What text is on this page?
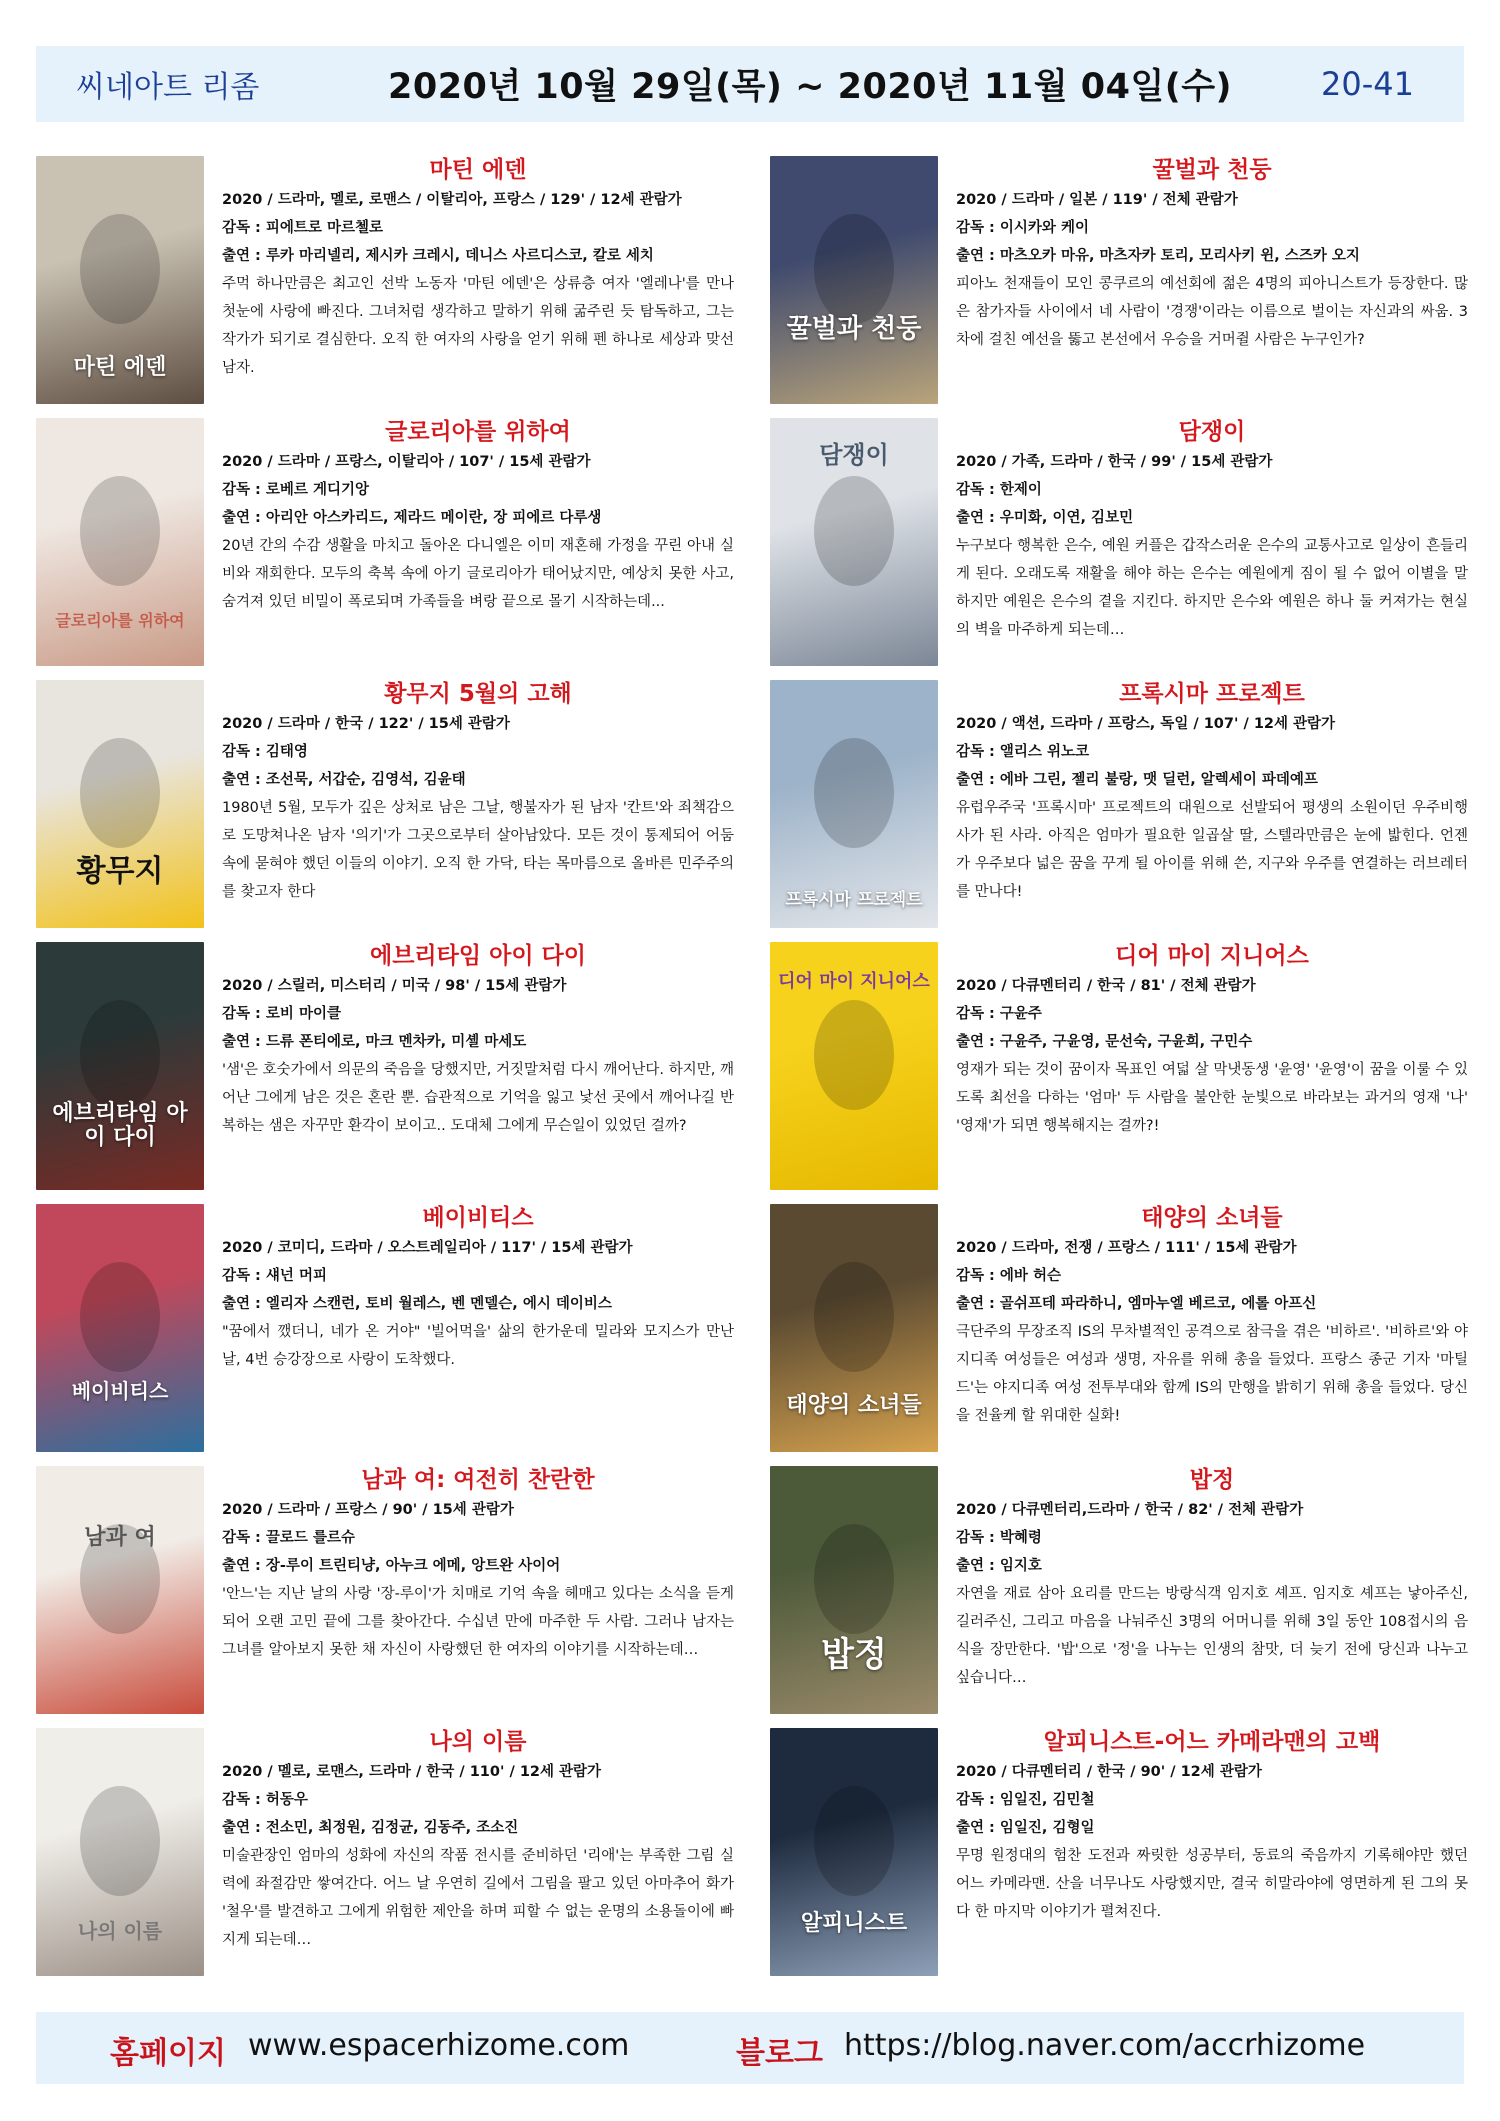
씨네아트 리좀	2020년 10월 29일(목) ~ 2020년 11월 04일(수)	20-41
마틴 에덴
마틴 에덴
2020 / 드라마, 멜로, 로맨스 / 이탈리아, 프랑스 / 129' / 12세 관람가
감독 : 피에트로 마르첼로
출연 : 루카 마리넬리, 제시카 크레시, 데니스 사르디스코, 칼로 세치
주먹 하나만큼은 최고인 선박 노동자 '마틴 에덴'은 상류층 여자 '엘레나'를 만나 첫눈에 사랑에 빠진다. 그녀처럼 생각하고 말하기 위해 굶주린 듯 탐독하고, 그는 작가가 되기로 결심한다. 오직 한 여자의 사랑을 얻기 위해 펜 하나로 세상과 맞선 남자.
꿀벌과 천둥
꿀벌과 천둥
2020 / 드라마 / 일본 / 119' / 전체 관람가
감독 : 이시카와 케이
출연 : 마츠오카 마유, 마츠자카 토리, 모리사키 윈, 스즈카 오지
피아노 천재들이 모인 콩쿠르의 예선회에 젊은 4명의 피아니스트가 등장한다. 많은 참가자들 사이에서 네 사람이 '경쟁'이라는 이름으로 벌이는 자신과의 싸움. 3차에 걸친 예선을 뚫고 본선에서 우승을 거머쥘 사람은 누구인가?
글로리아를 위하여
글로리아를 위하여
2020 / 드라마 / 프랑스, 이탈리아 / 107' / 15세 관람가
감독 : 로베르 게디기앙
출연 : 아리안 아스카리드, 제라드 메이란, 장 피에르 다루생
20년 간의 수감 생활을 마치고 돌아온 다니엘은 이미 재혼해 가정을 꾸린 아내 실비와 재회한다. 모두의 축복 속에 아기 글로리아가 태어났지만, 예상치 못한 사고, 숨겨져 있던 비밀이 폭로되며 가족들을 벼랑 끝으로 몰기 시작하는데...
담쟁이
담쟁이
2020 / 가족, 드라마 / 한국 / 99' / 15세 관람가
감독 : 한제이
출연 : 우미화, 이연, 김보민
누구보다 행복한 은수, 예원 커플은 갑작스러운 은수의 교통사고로 일상이 흔들리게 된다. 오래도록 재활을 해야 하는 은수는 예원에게 짐이 될 수 없어 이별을 말하지만 예원은 은수의 곁을 지킨다. 하지만 은수와 예원은 하나 둘 커져가는 현실의 벽을 마주하게 되는데…
황무지
황무지 5월의 고해
2020 / 드라마 / 한국 / 122' / 15세 관람가
감독 : 김태영
출연 : 조선묵, 서갑순, 김영석, 김윤태
1980년 5월, 모두가 깊은 상처로 남은 그날, 행불자가 된 남자 '칸트'와 죄책감으로 도망쳐나온 남자 '의기'가 그곳으로부터 살아남았다. 모든 것이 통제되어 어둠 속에 묻혀야 했던 이들의 이야기. 오직 한 가닥, 타는 목마름으로 올바른 민주주의를 찾고자 한다	프록시마 프로젝트
프록시마 프로젝트
2020 / 액션, 드라마 / 프랑스, 독일 / 107' / 12세 관람가
감독 : 앨리스 위노코
출연 : 에바 그린, 젤리 불랑, 맷 딜런, 알렉세이 파데예프
유럽우주국 '프록시마' 프로젝트의 대원으로 선발되어 평생의 소원이던 우주비행사가 된 사라. 아직은 엄마가 필요한 일곱살 딸, 스텔라만큼은 눈에 밟힌다. 언젠가 우주보다 넓은 꿈을 꾸게 될 아이를 위해 쓴, 지구와 우주를 연결하는 러브레터를 만나다!
에브리타임 아이 다이
에브리타임 아이 다이
2020 / 스릴러, 미스터리 / 미국 / 98' / 15세 관람가
감독 : 로비 마이클
출연 : 드류 폰티에로, 마크 멘차카, 미셸 마세도
'샘'은 호숫가에서 의문의 죽음을 당했지만, 거짓말처럼 다시 깨어난다. 하지만, 깨어난 그에게 남은 것은 혼란 뿐. 습관적으로 기억을 잃고 낯선 곳에서 깨어나길 반복하는 샘은 자꾸만 환각이 보이고.. 도대체 그에게 무슨일이 있었던 걸까?
디어 마이 지니어스
디어 마이 지니어스
2020 / 다큐멘터리 / 한국 / 81' / 전체 관람가
감독 : 구윤주
출연 : 구윤주, 구윤영, 문선숙, 구윤희, 구민수
영재가 되는 것이 꿈이자 목표인 여덟 살 막냇동생 '윤영' '윤영'이 꿈을 이룰 수 있도록 최선을 다하는 '엄마' 두 사람을 불안한 눈빛으로 바라보는 과거의 영재 '나' '영재'가 되면 행복해지는 걸까?!
베이비티스
베이비티스
2020 / 코미디, 드라마 / 오스트레일리아 / 117' / 15세 관람가
감독 : 섀넌 머피
출연 : 엘리자 스캔런, 토비 월레스, 벤 멘델슨, 에시 데이비스
"꿈에서 깼더니, 네가 온 거야" '빌어먹을' 삶의 한가운데 밀라와 모지스가 만난 날, 4번 승강장으로 사랑이 도착했다.
태양의 소녀들
태양의 소녀들
2020 / 드라마, 전쟁 / 프랑스 / 111' / 15세 관람가
감독 : 에바 허슨
출연 : 골쉬프테 파라하니, 엠마누엘 베르코, 에롤 아프신
극단주의 무장조직 IS의 무차별적인 공격으로 참극을 겪은 '비하르'. '비하르'와 야지디족 여성들은 여성과 생명, 자유를 위해 총을 들었다. 프랑스 종군 기자 '마틸드'는 야지디족 여성 전투부대와 함께 IS의 만행을 밝히기 위해 총을 들었다. 당신을 전율케 할 위대한 실화!
남과 여
남과 여: 여전히 찬란한
2020 / 드라마 / 프랑스 / 90' / 15세 관람가
감독 : 끌로드 를르슈
출연 : 장-루이 트린티냥, 아누크 에메, 앙트완 사이어
'안느'는 지난 날의 사랑 '장-루이'가 치매로 기억 속을 헤매고 있다는 소식을 듣게 되어 오랜 고민 끝에 그를 찾아간다. 수십년 만에 마주한 두 사람. 그러나 남자는 그녀를 알아보지 못한 채 자신이 사랑했던 한 여자의 이야기를 시작하는데…	밥정
밥정
2020 / 다큐멘터리,드라마 / 한국 / 82' / 전체 관람가
감독 : 박혜령
출연 : 임지호
자연을 재료 삼아 요리를 만드는 방랑식객 임지호 셰프. 임지호 셰프는 낳아주신, 길러주신, 그리고 마음을 나눠주신 3명의 어머니를 위해 3일 동안 108접시의 음식을 장만한다. '밥'으로 '정'을 나누는 인생의 참맛, 더 늦기 전에 당신과 나누고 싶습니다…
나의 이름
나의 이름
2020 / 멜로, 로맨스, 드라마 / 한국 / 110' / 12세 관람가
감독 : 허동우
출연 : 전소민, 최정원, 김정균, 김동주, 조소진
미술관장인 엄마의 성화에 자신의 작품 전시를 준비하던 '리애'는 부족한 그림 실력에 좌절감만 쌓여간다. 어느 날 우연히 길에서 그림을 팔고 있던 아마추어 화가 '철우'를 발견하고 그에게 위험한 제안을 하며 피할 수 없는 운명의 소용돌이에 빠지게 되는데…
알피니스트
알피니스트-어느 카메라맨의 고백
2020 / 다큐멘터리 / 한국 / 90' / 12세 관람가
감독 : 임일진, 김민철
출연 : 임일진, 김형일
무명 원정대의 험찬 도전과 짜릿한 성공부터, 동료의 죽음까지 기록해야만 했던 어느 카메라맨. 산을 너무나도 사랑했지만, 결국 히말라야에 영면하게 된 그의 못다 한 마지막 이야기가 펼쳐진다.
홈페이지 www.espacerhizome.com	블로그 https://blog.naver.com/accrhizome
